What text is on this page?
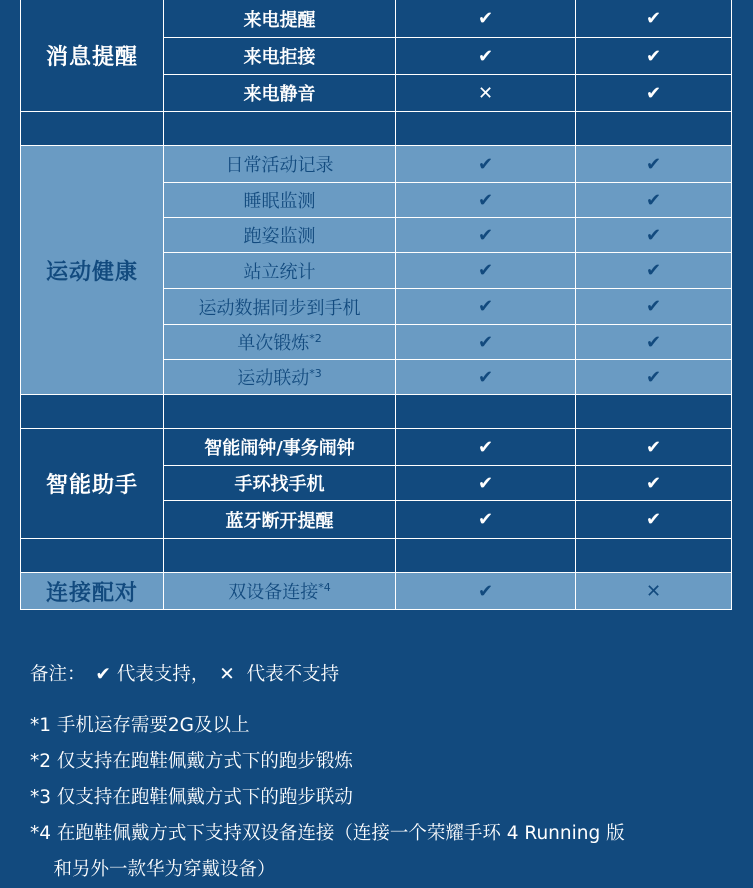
消息提醒	来电提醒	✔	✔
	来电拒接	✔	✔
	来电静音	✕	✔

运动健康	日常活动记录	✔	✔
	睡眠监测	✔	✔
	跑姿监测	✔	✔
	站立统计	✔	✔
	运动数据同步到手机	✔	✔
	单次锻炼$^{*2}$	✔	✔
	运动联动$^{*3}$	✔	✔

智能助手	智能闹钟/事务闹钟	✔	✔
	手环找手机	✔	✔
	蓝牙断开提醒	✔	✔

连接配对	双设备连接$^{*4}$	✔	✕
备注： ✔ 代表支持， ✕ 代表不支持
*1 手机运存需要2G及以上
*2 仅支持在跑鞋佩戴方式下的跑步锻炼
*3 仅支持在跑鞋佩戴方式下的跑步联动
*4 在跑鞋佩戴方式下支持双设备连接（连接一个荣耀手环 4 Running 版
和另外一款华为穿戴设备）
